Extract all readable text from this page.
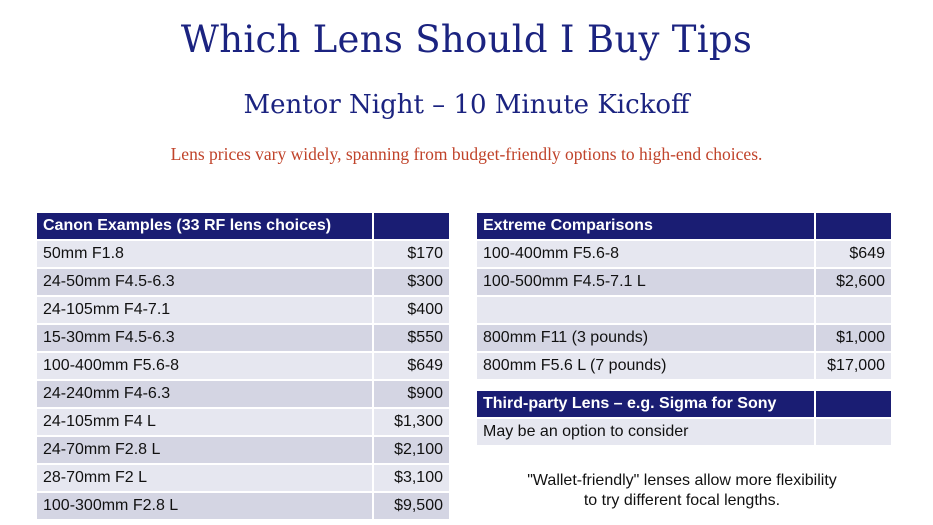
Which Lens Should I Buy Tips
Mentor Night – 10 Minute Kickoff
Lens prices vary widely, spanning from budget-friendly options to high-end choices.
Canon Examples (33 RF lens choices)	
50mm F1.8	$170
24-50mm F4.5-6.3	$300
24-105mm F4-7.1	$400
15-30mm F4.5-6.3	$550
100-400mm F5.6-8	$649
24-240mm F4-6.3	$900
24-105mm F4 L	$1,300
24-70mm F2.8 L	$2,100
28-70mm F2 L	$3,100
100-300mm F2.8 L	$9,500
Extreme Comparisons	
100-400mm F5.6-8	$649
100-500mm F4.5-7.1 L	$2,600

800mm F11 (3 pounds)	$1,000
800mm F5.6 L (7 pounds)	$17,000
Third-party Lens – e.g. Sigma for Sony	
May be an option to consider	
"Wallet-friendly" lenses allow more flexibility
to try different focal lengths.
